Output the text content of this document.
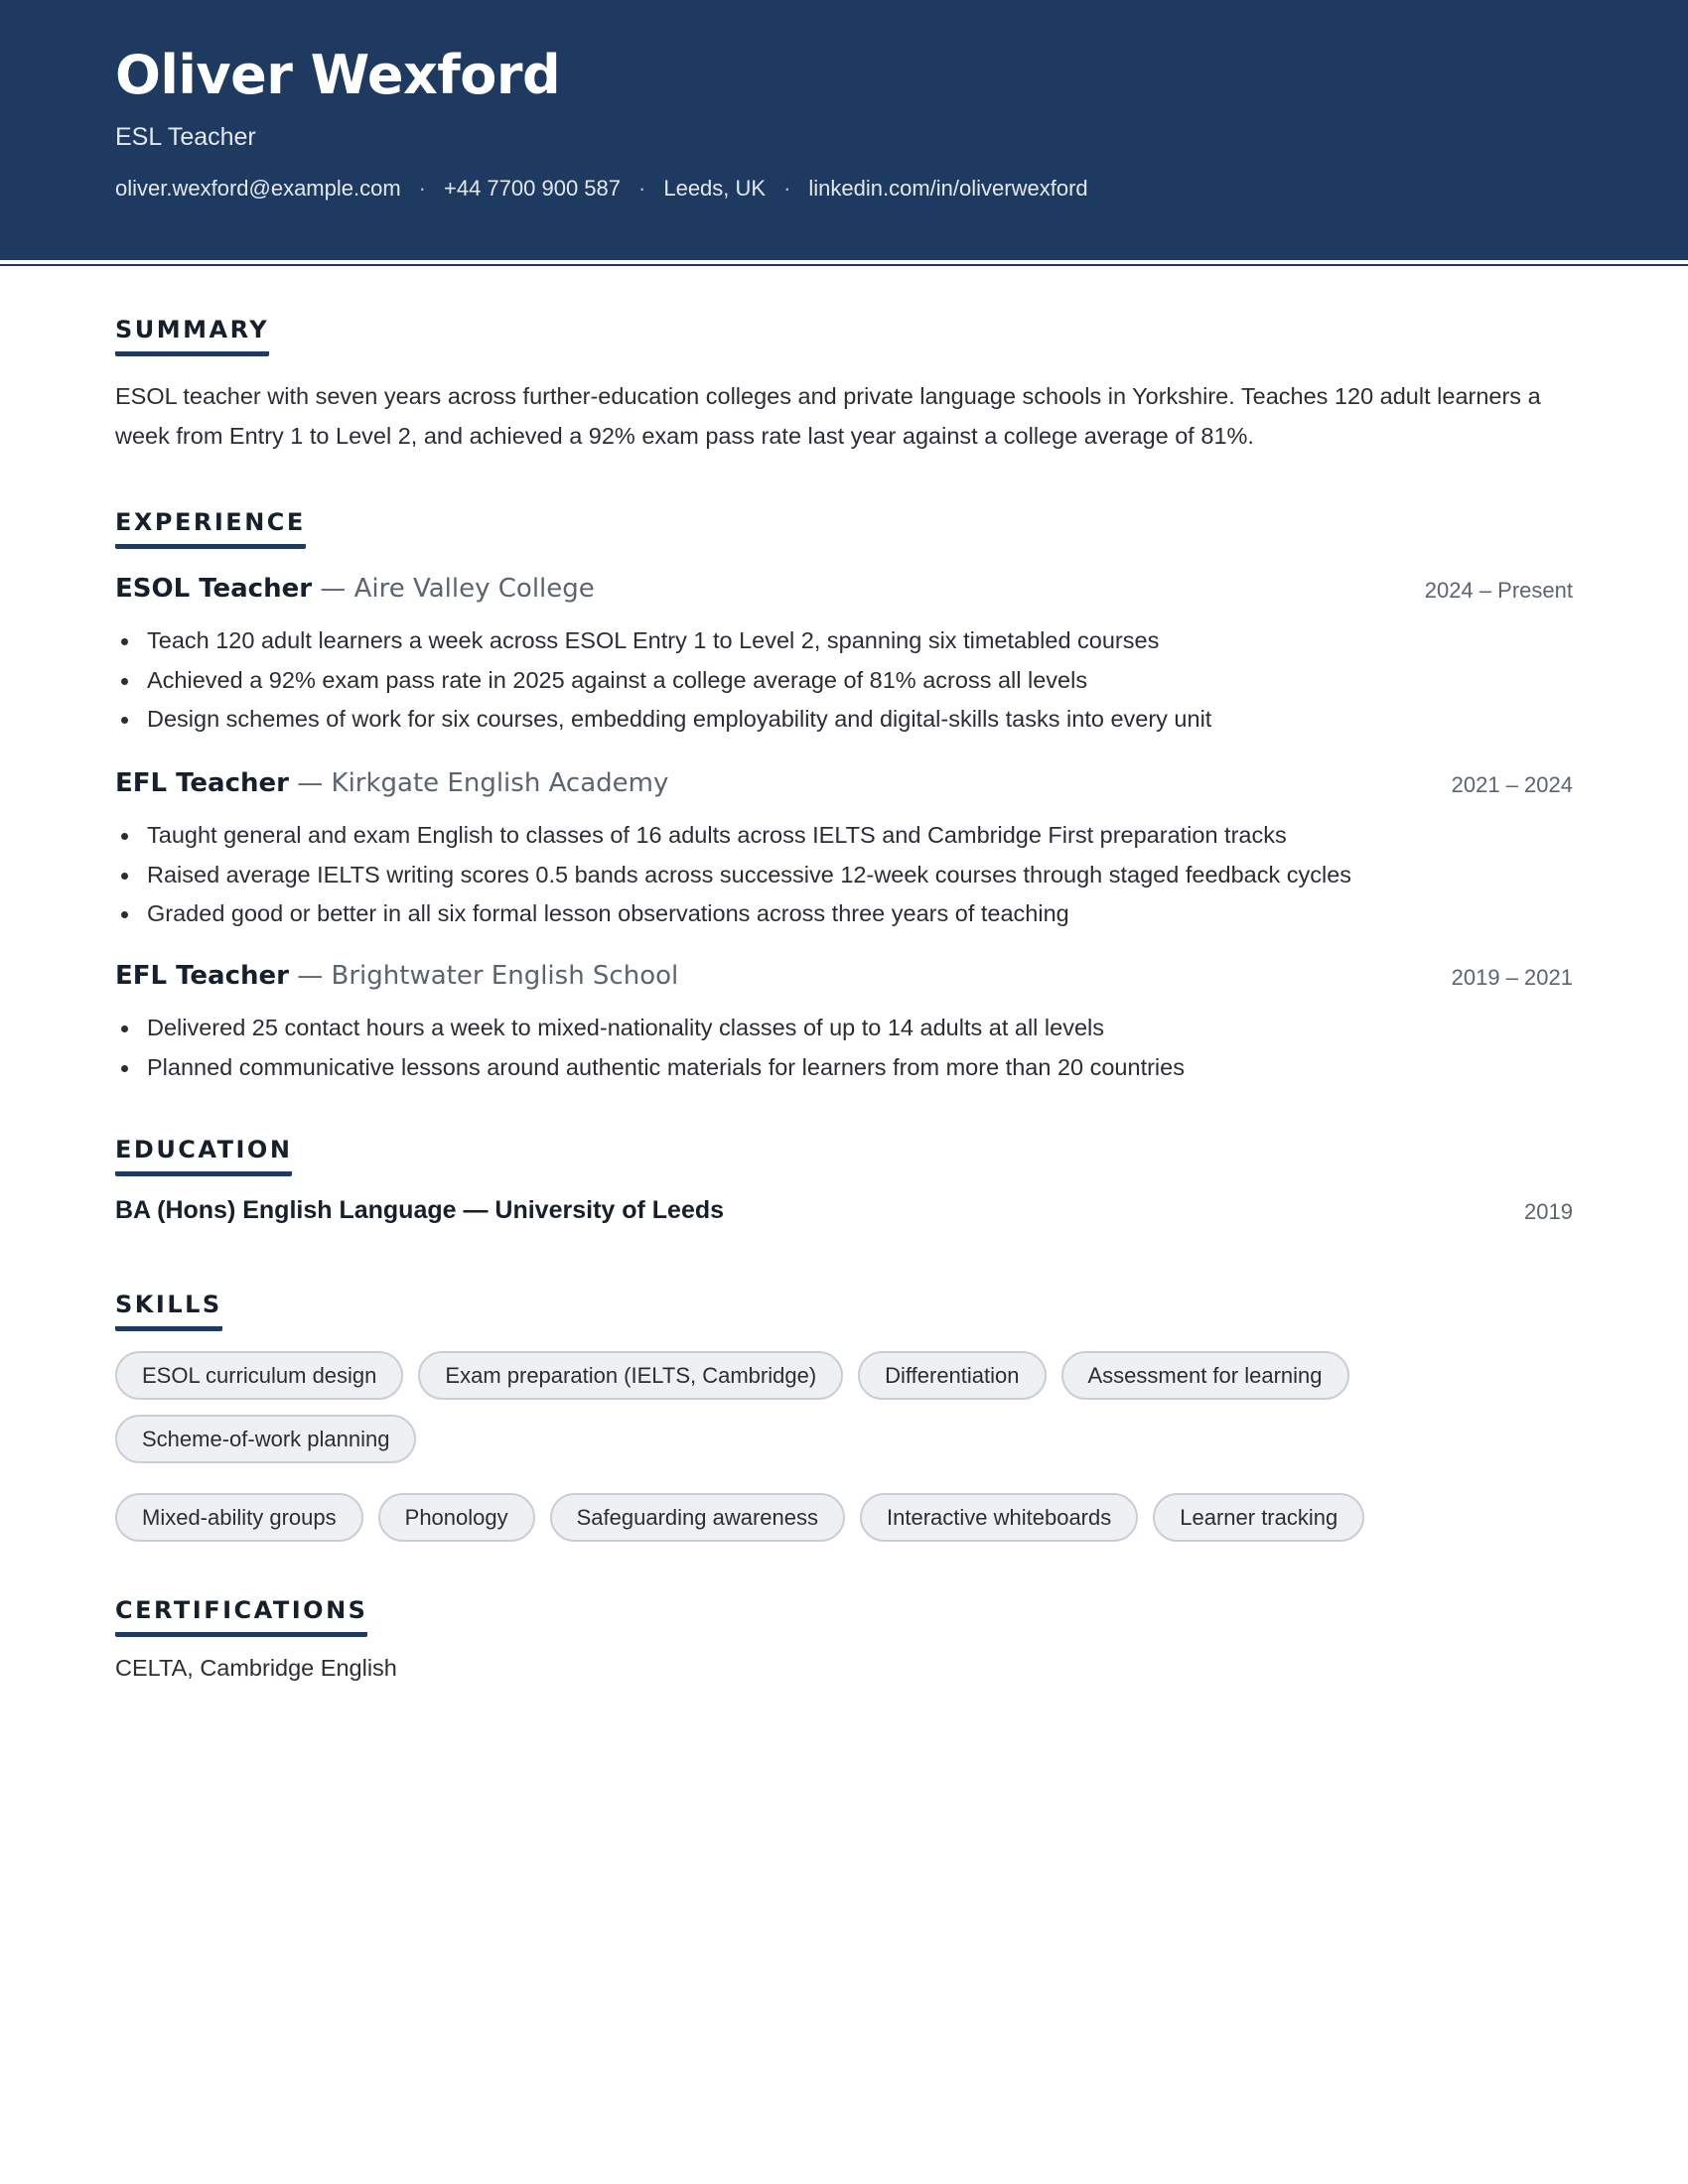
Oliver Wexford
ESL Teacher
oliver.wexford@example.com · +44 7700 900 587 · Leeds, UK · linkedin.com/in/oliverwexford
SUMMARY
ESOL teacher with seven years across further-education colleges and private language schools in Yorkshire. Teaches 120 adult learners a week from Entry 1 to Level 2, and achieved a 92% exam pass rate last year against a college average of 81%.
EXPERIENCE
ESOL Teacher — Aire Valley College	2024 – Present
Teach 120 adult learners a week across ESOL Entry 1 to Level 2, spanning six timetabled courses
Achieved a 92% exam pass rate in 2025 against a college average of 81% across all levels
Design schemes of work for six courses, embedding employability and digital-skills tasks into every unit
EFL Teacher — Kirkgate English Academy	2021 – 2024
Taught general and exam English to classes of 16 adults across IELTS and Cambridge First preparation tracks
Raised average IELTS writing scores 0.5 bands across successive 12-week courses through staged feedback cycles
Graded good or better in all six formal lesson observations across three years of teaching
EFL Teacher — Brightwater English School	2019 – 2021
Delivered 25 contact hours a week to mixed-nationality classes of up to 14 adults at all levels
Planned communicative lessons around authentic materials for learners from more than 20 countries
EDUCATION
BA (Hons) English Language — University of Leeds	2019
SKILLS
ESOL curriculum design	Exam preparation (IELTS, Cambridge)	Differentiation	Assessment for learning
Scheme-of-work planning
Mixed-ability groups	Phonology	Safeguarding awareness	Interactive whiteboards	Learner tracking
CERTIFICATIONS
CELTA, Cambridge English
